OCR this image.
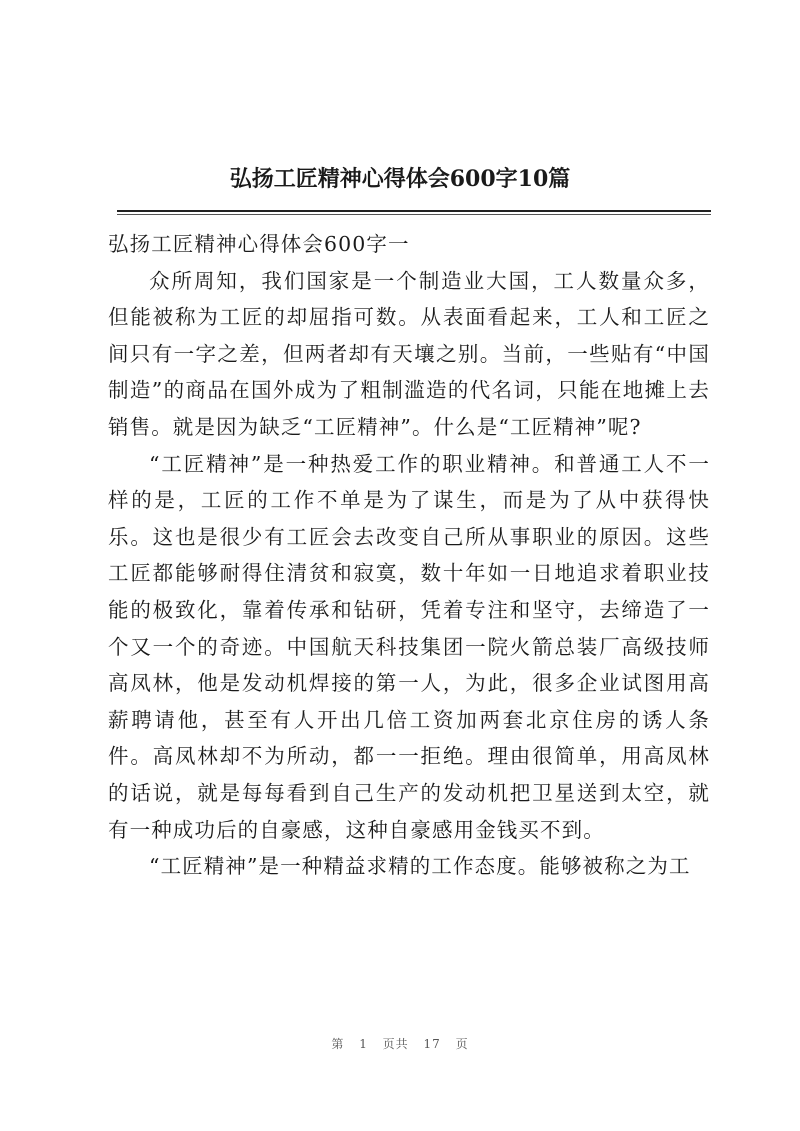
弘扬工匠精神心得体会600字10篇

弘扬工匠精神心得体会600字一

众所周知，我们国家是一个制造业大国，工人数量众多，但能被称为工匠的却屈指可数。从表面看起来，工人和工匠之间只有一字之差，但两者却有天壤之别。当前，一些贴有“中国制造”的商品在国外成为了粗制滥造的代名词，只能在地摊上去销售。就是因为缺乏“工匠精神”。什么是“工匠精神”呢?

“工匠精神”是一种热爱工作的职业精神。和普通工人不一样的是，工匠的工作不单是为了谋生，而是为了从中获得快乐。这也是很少有工匠会去改变自己所从事职业的原因。这些工匠都能够耐得住清贫和寂寞，数十年如一日地追求着职业技能的极致化，靠着传承和钻研，凭着专注和坚守，去缔造了一个又一个的奇迹。中国航天科技集团一院火箭总装厂高级技师高凤林，他是发动机焊接的第一人，为此，很多企业试图用高薪聘请他，甚至有人开出几倍工资加两套北京住房的诱人条件。高凤林却不为所动，都一一拒绝。理由很简单，用高凤林的话说，就是每每看到自己生产的发动机把卫星送到太空，就有一种成功后的自豪感，这种自豪感用金钱买不到。

“工匠精神”是一种精益求精的工作态度。能够被称之为工

第 1 页共 17 页
